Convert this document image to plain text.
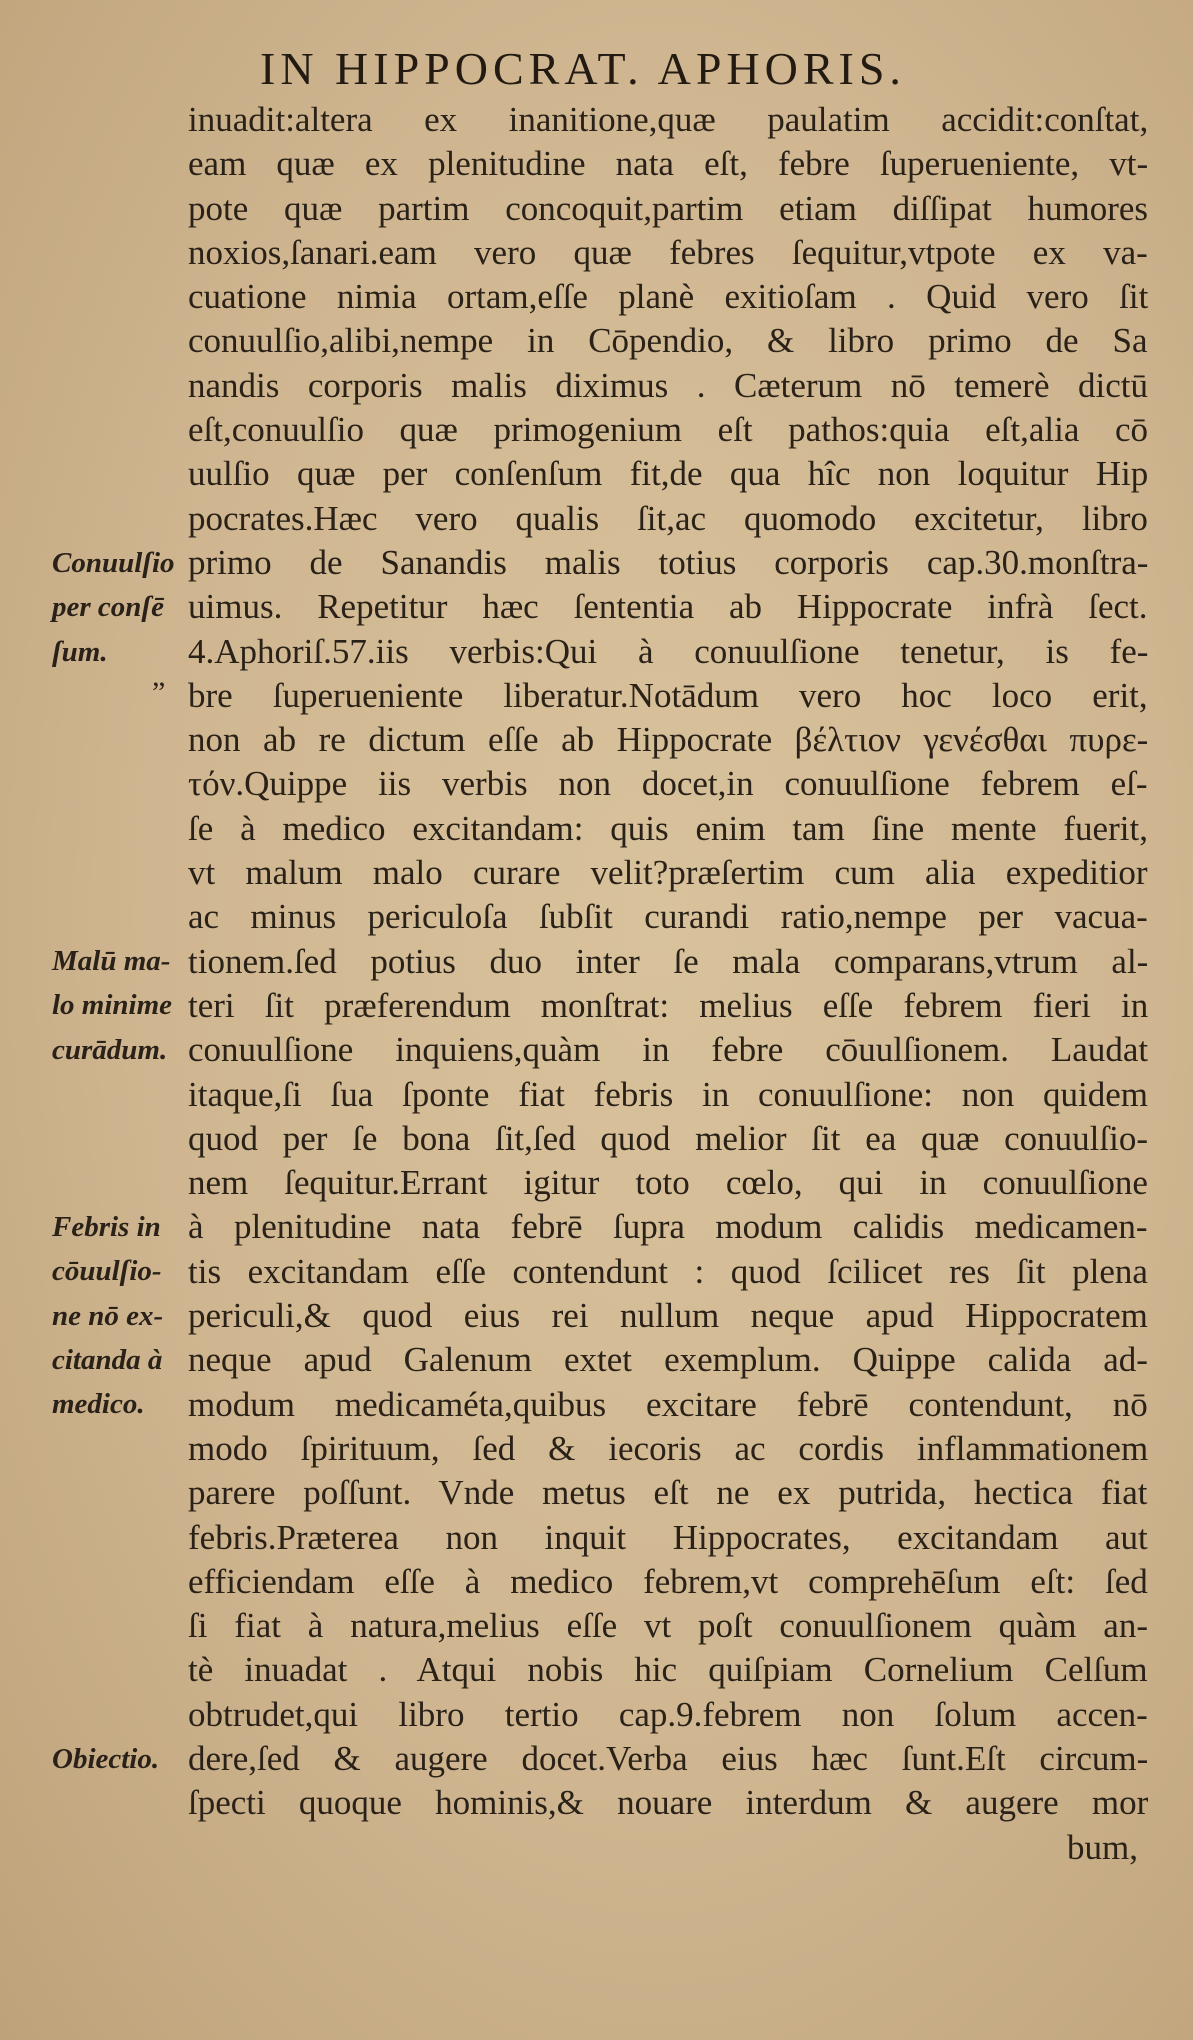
IN HIPPOCRAT. APHORIS.
inuadit:altera ex inanitione,quæ paulatim accidit:conſtat,
eam quæ ex plenitudine nata eſt, febre ſuperueniente, vt-
pote quæ partim concoquit,partim etiam diſſipat humores
noxios,ſanari.eam vero quæ febres ſequitur,vtpote ex va-
cuatione nimia ortam,eſſe planè exitioſam . Quid vero ſit
conuulſio,alibi,nempe in Cōpendio, & libro primo de Sa
nandis corporis malis diximus . Cæterum nō temerè dictū
eſt,conuulſio quæ primogenium eſt pathos:quia eſt,alia cō
uulſio quæ per conſenſum fit,de qua hîc non loquitur Hip
pocrates.Hæc vero qualis ſit,ac quomodo excitetur, libro
primo de Sanandis malis totius corporis cap.30.monſtra-
uimus. Repetitur hæc ſententia ab Hippocrate infrà ſect.
4.Aphoriſ.57.iis verbis:Qui à conuulſione tenetur, is fe-
bre ſuperueniente liberatur.Notādum vero hoc loco erit,
non ab re dictum eſſe ab Hippocrate βέλτιον γενέσθαι πυρε-
τόν.Quippe iis verbis non docet,in conuulſione febrem eſ-
ſe à medico excitandam: quis enim tam ſine mente fuerit,
vt malum malo curare velit?præſertim cum alia expeditior
ac minus periculoſa ſubſit curandi ratio,nempe per vacua-
tionem.ſed potius duo inter ſe mala comparans,vtrum al-
teri ſit præferendum monſtrat: melius eſſe febrem fieri in
conuulſione inquiens,quàm in febre cōuulſionem. Laudat
itaque,ſi ſua ſponte fiat febris in conuulſione: non quidem
quod per ſe bona ſit,ſed quod melior ſit ea quæ conuulſio-
nem ſequitur.Errant igitur toto cœlo, qui in conuulſione
à plenitudine nata febrē ſupra modum calidis medicamen-
tis excitandam eſſe contendunt : quod ſcilicet res ſit plena
periculi,& quod eius rei nullum neque apud Hippocratem
neque apud Galenum extet exemplum. Quippe calida ad-
modum medicaméta,quibus excitare febrē contendunt, nō
modo ſpirituum, ſed & iecoris ac cordis inflammationem
parere poſſunt. Vnde metus eſt ne ex putrida, hectica fiat
febris.Præterea non inquit Hippocrates, excitandam aut
efficiendam eſſe à medico febrem,vt comprehēſum eſt: ſed
ſi fiat à natura,melius eſſe vt poſt conuulſionem quàm an-
tè inuadat . Atqui nobis hic quiſpiam Cornelium Celſum
obtrudet,qui libro tertio cap.9.febrem non ſolum accen-
dere,ſed & augere docet.Verba eius hæc ſunt.Eſt circum-
ſpecti quoque hominis,& nouare interdum & augere mor
bum,
Conuulſio
per conſē
ſum.
Malū ma-
lo minime
curādum.
Febris in
cōuulſio-
ne nō ex-
citanda à
medico.
Obiectio.
”
